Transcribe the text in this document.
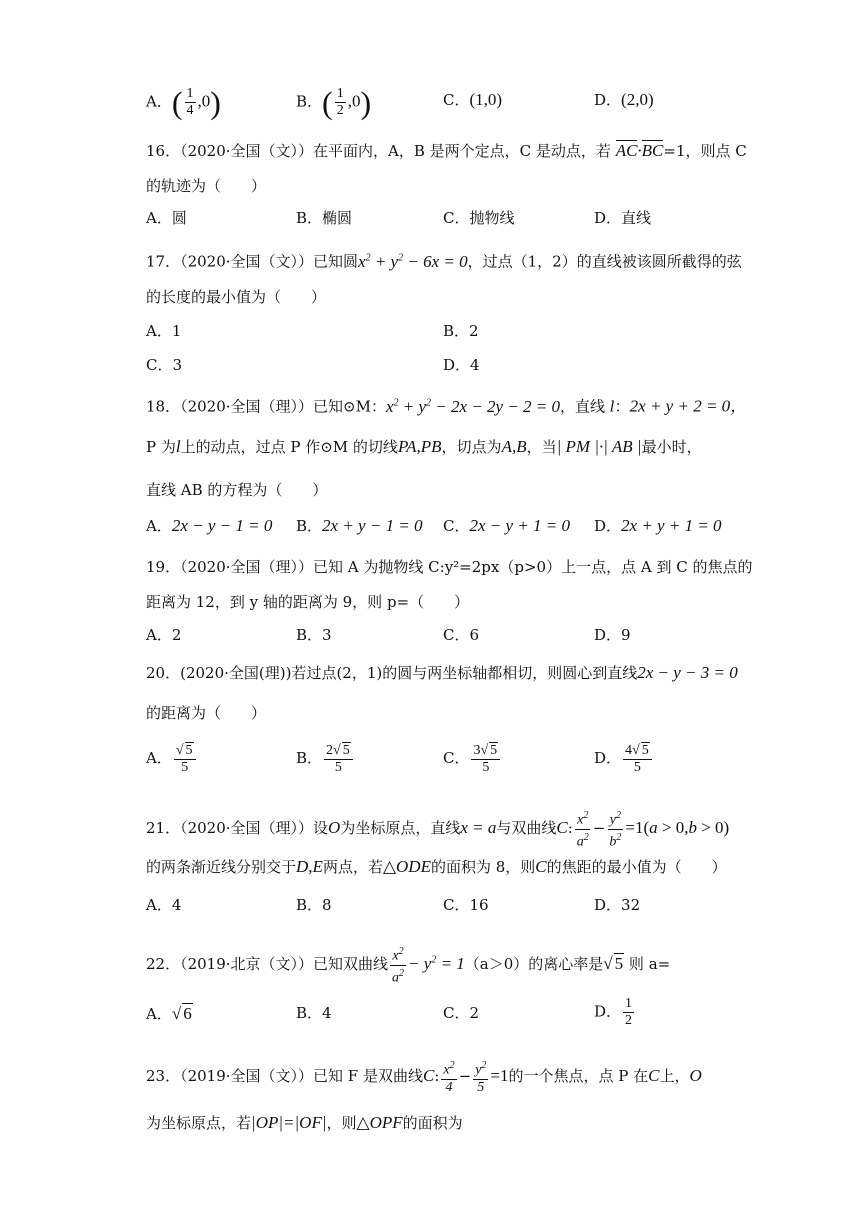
A．( $\frac{1}{4} ,0$)	B．( $\frac{1}{2} ,0$)	C．(1,0)	D．(2,0)
16．（2020·全国（文））在平面内，A，B 是两个定点，C 是动点，若 AC·BC=1，则点 C
的轨迹为（　　）
A．圆	B．椭圆	C．抛物线	D．直线
17．（2020·全国（文））已知圆$x^2 + y^2 - 6x = 0$，过点（1，2）的直线被该圆所截得的弦
的长度的最小值为（　　）
A．1	B．2
C．3	D．4
18．（2020·全国（理））已知⊙M：$x^2 + y^2 - 2x - 2y - 2 = 0$，直线 l：2x + y + 2 = 0，
P 为l上的动点，过点 P 作⊙M 的切线PA,PB，切点为A,B，当| PM |·| AB |最小时，
直线 AB 的方程为（　　）
A．2x − y − 1 = 0 B．2x + y − 1 = 0 C．2x − y + 1 = 0 D．2x + y + 1 = 0
19．（2020·全国（理））已知 A 为抛物线 C:y²=2px（p>0）上一点，点 A 到 C 的焦点的
距离为 12，到 y 轴的距离为 9，则 p=（　　）
A．2	B．3	C．6	D．9
20．(2020·全国(理))若过点(2，1)的圆与两坐标轴都相切，则圆心到直线2x − y − 3 = 0
的距离为（　　）
A． $\frac{√ 5}{5}$	B． $\frac{2√ 5}{5}$	C． $\frac{3√ 5}{5}$	D． $\frac{4√ 5}{5}$
21．（2020·全国（理））设O为坐标原点，直线x = a与双曲线C: $\frac{x^2}{a^2} - \frac{y^2}{b^2} =1(a > 0,b > 0)$
的两条渐近线分别交于D,E两点，若△ODE的面积为 8，则C的焦距的最小值为（　　）
A．4	B．8	C．16	D．32
22．（2019·北京（文））已知双曲线 $\frac{x^2}{a^2} - y^2 = 1(a>0)$的离心率是√ 5 则 a=
A．√ 6	B．4	C．2	D． $\frac{1}{2}$
23．（2019·全国（文））已知 F 是双曲线C: $\frac{x^2}{4} - \frac{y^2}{5} =1$的一个焦点，点 P 在C上，O
为坐标原点，若|OP|=|OF|，则△OPF的面积为
